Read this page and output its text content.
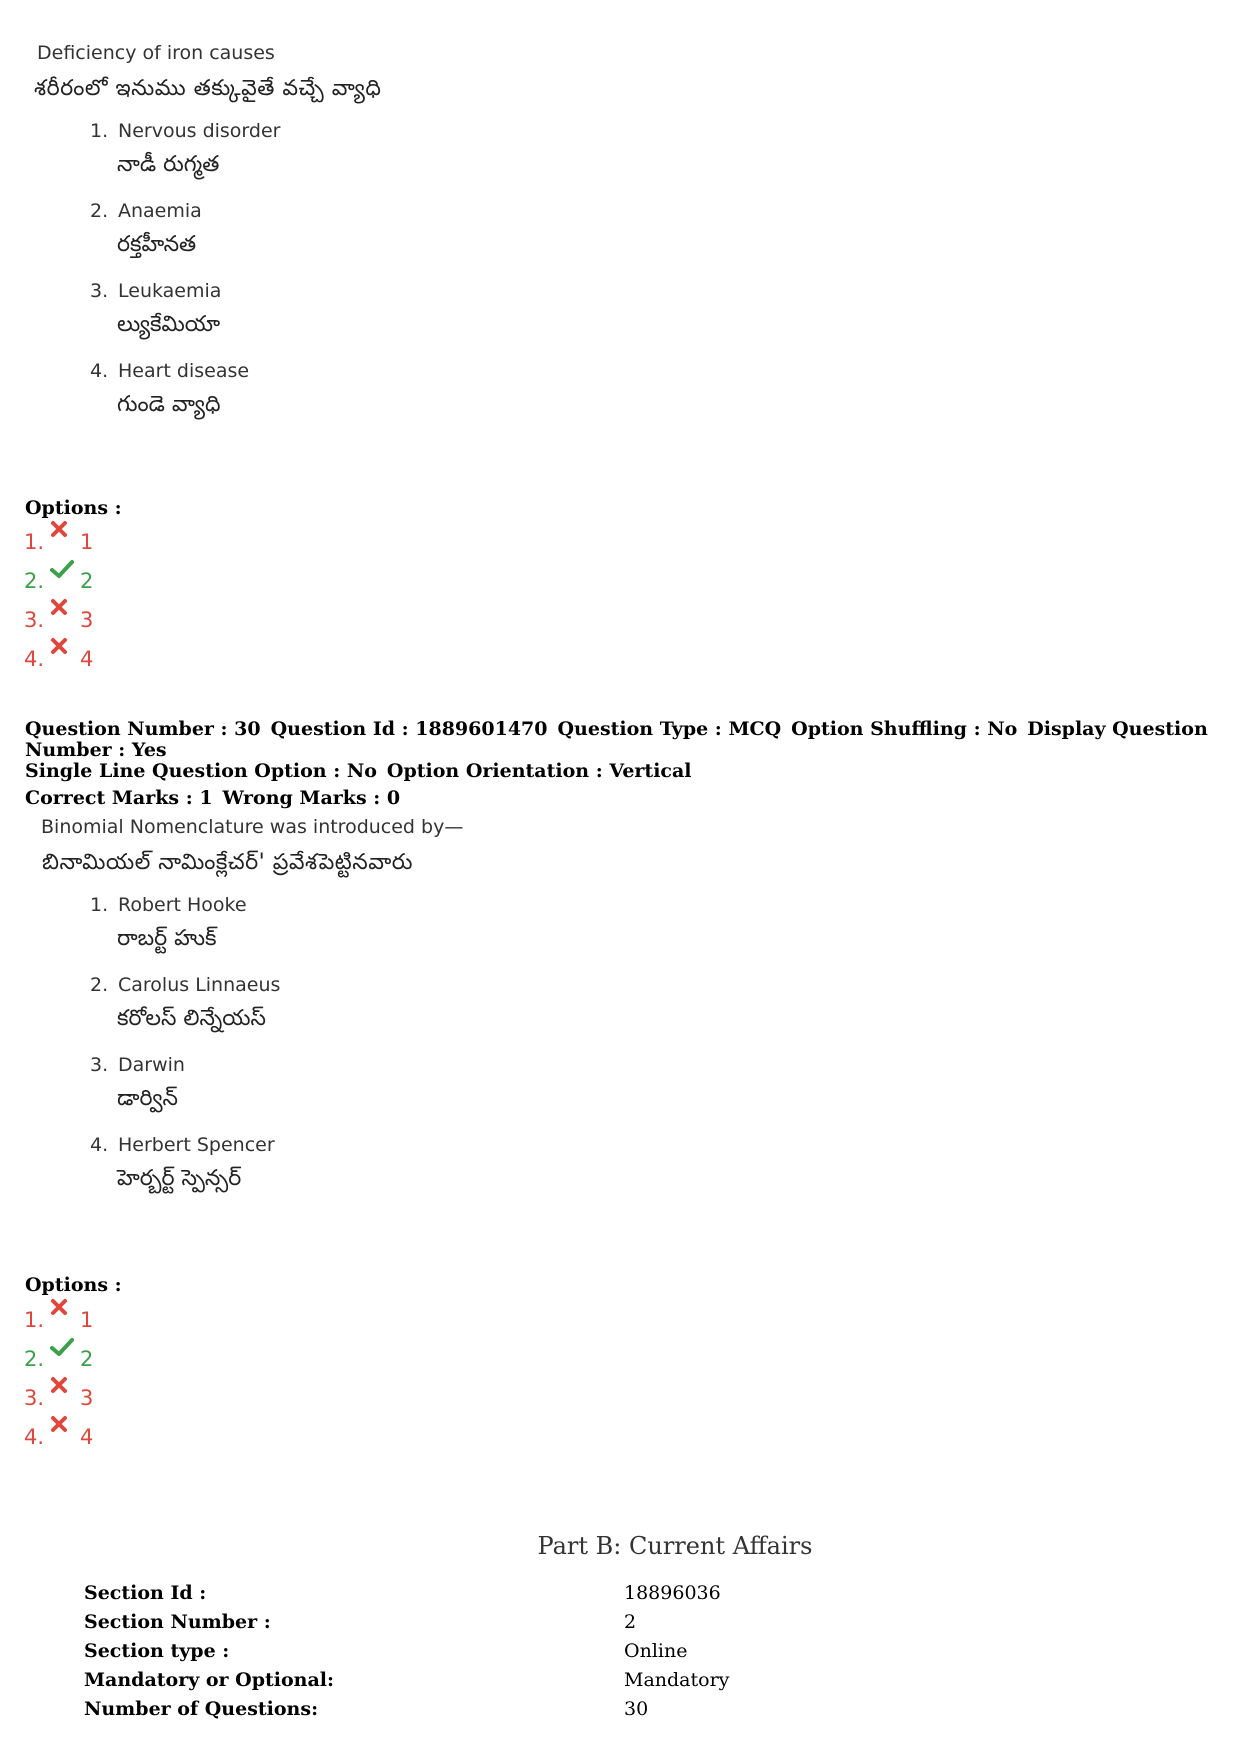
Deficiency of iron causes
శరీరంలో ఇనుము తక్కువైతే వచ్చే వ్యాధి
1. Nervous disorder
నాడీ రుగ్మత
2. Anaemia
రక్తహీనత
3. Leukaemia
ల్యుకేమియా
4. Heart disease
గుండె వ్యాధి
Options :
1. 1
2. 2
3. 3
4. 4
Question Number : 30 Question Id : 1889601470 Question Type : MCQ Option Shuffling : No Display Question Number : Yes
Single Line Question Option : No Option Orientation : Vertical
Correct Marks : 1 Wrong Marks : 0
Binomial Nomenclature was introduced by—
బినామియల్ నామింక్లేచర్' ప్రవేశపెట్టినవారు
1. Robert Hooke
రాబర్ట్ హుక్
2. Carolus Linnaeus
కరోలస్ లిన్నేయస్
3. Darwin
డార్విన్
4. Herbert Spencer
హెర్బర్ట్ స్పెన్సర్
Options :
1. 1
2. 2
3. 3
4. 4
Part B: Current Affairs
Section Id :	18896036
Section Number :	2
Section type :	Online
Mandatory or Optional:	Mandatory
Number of Questions:	30
